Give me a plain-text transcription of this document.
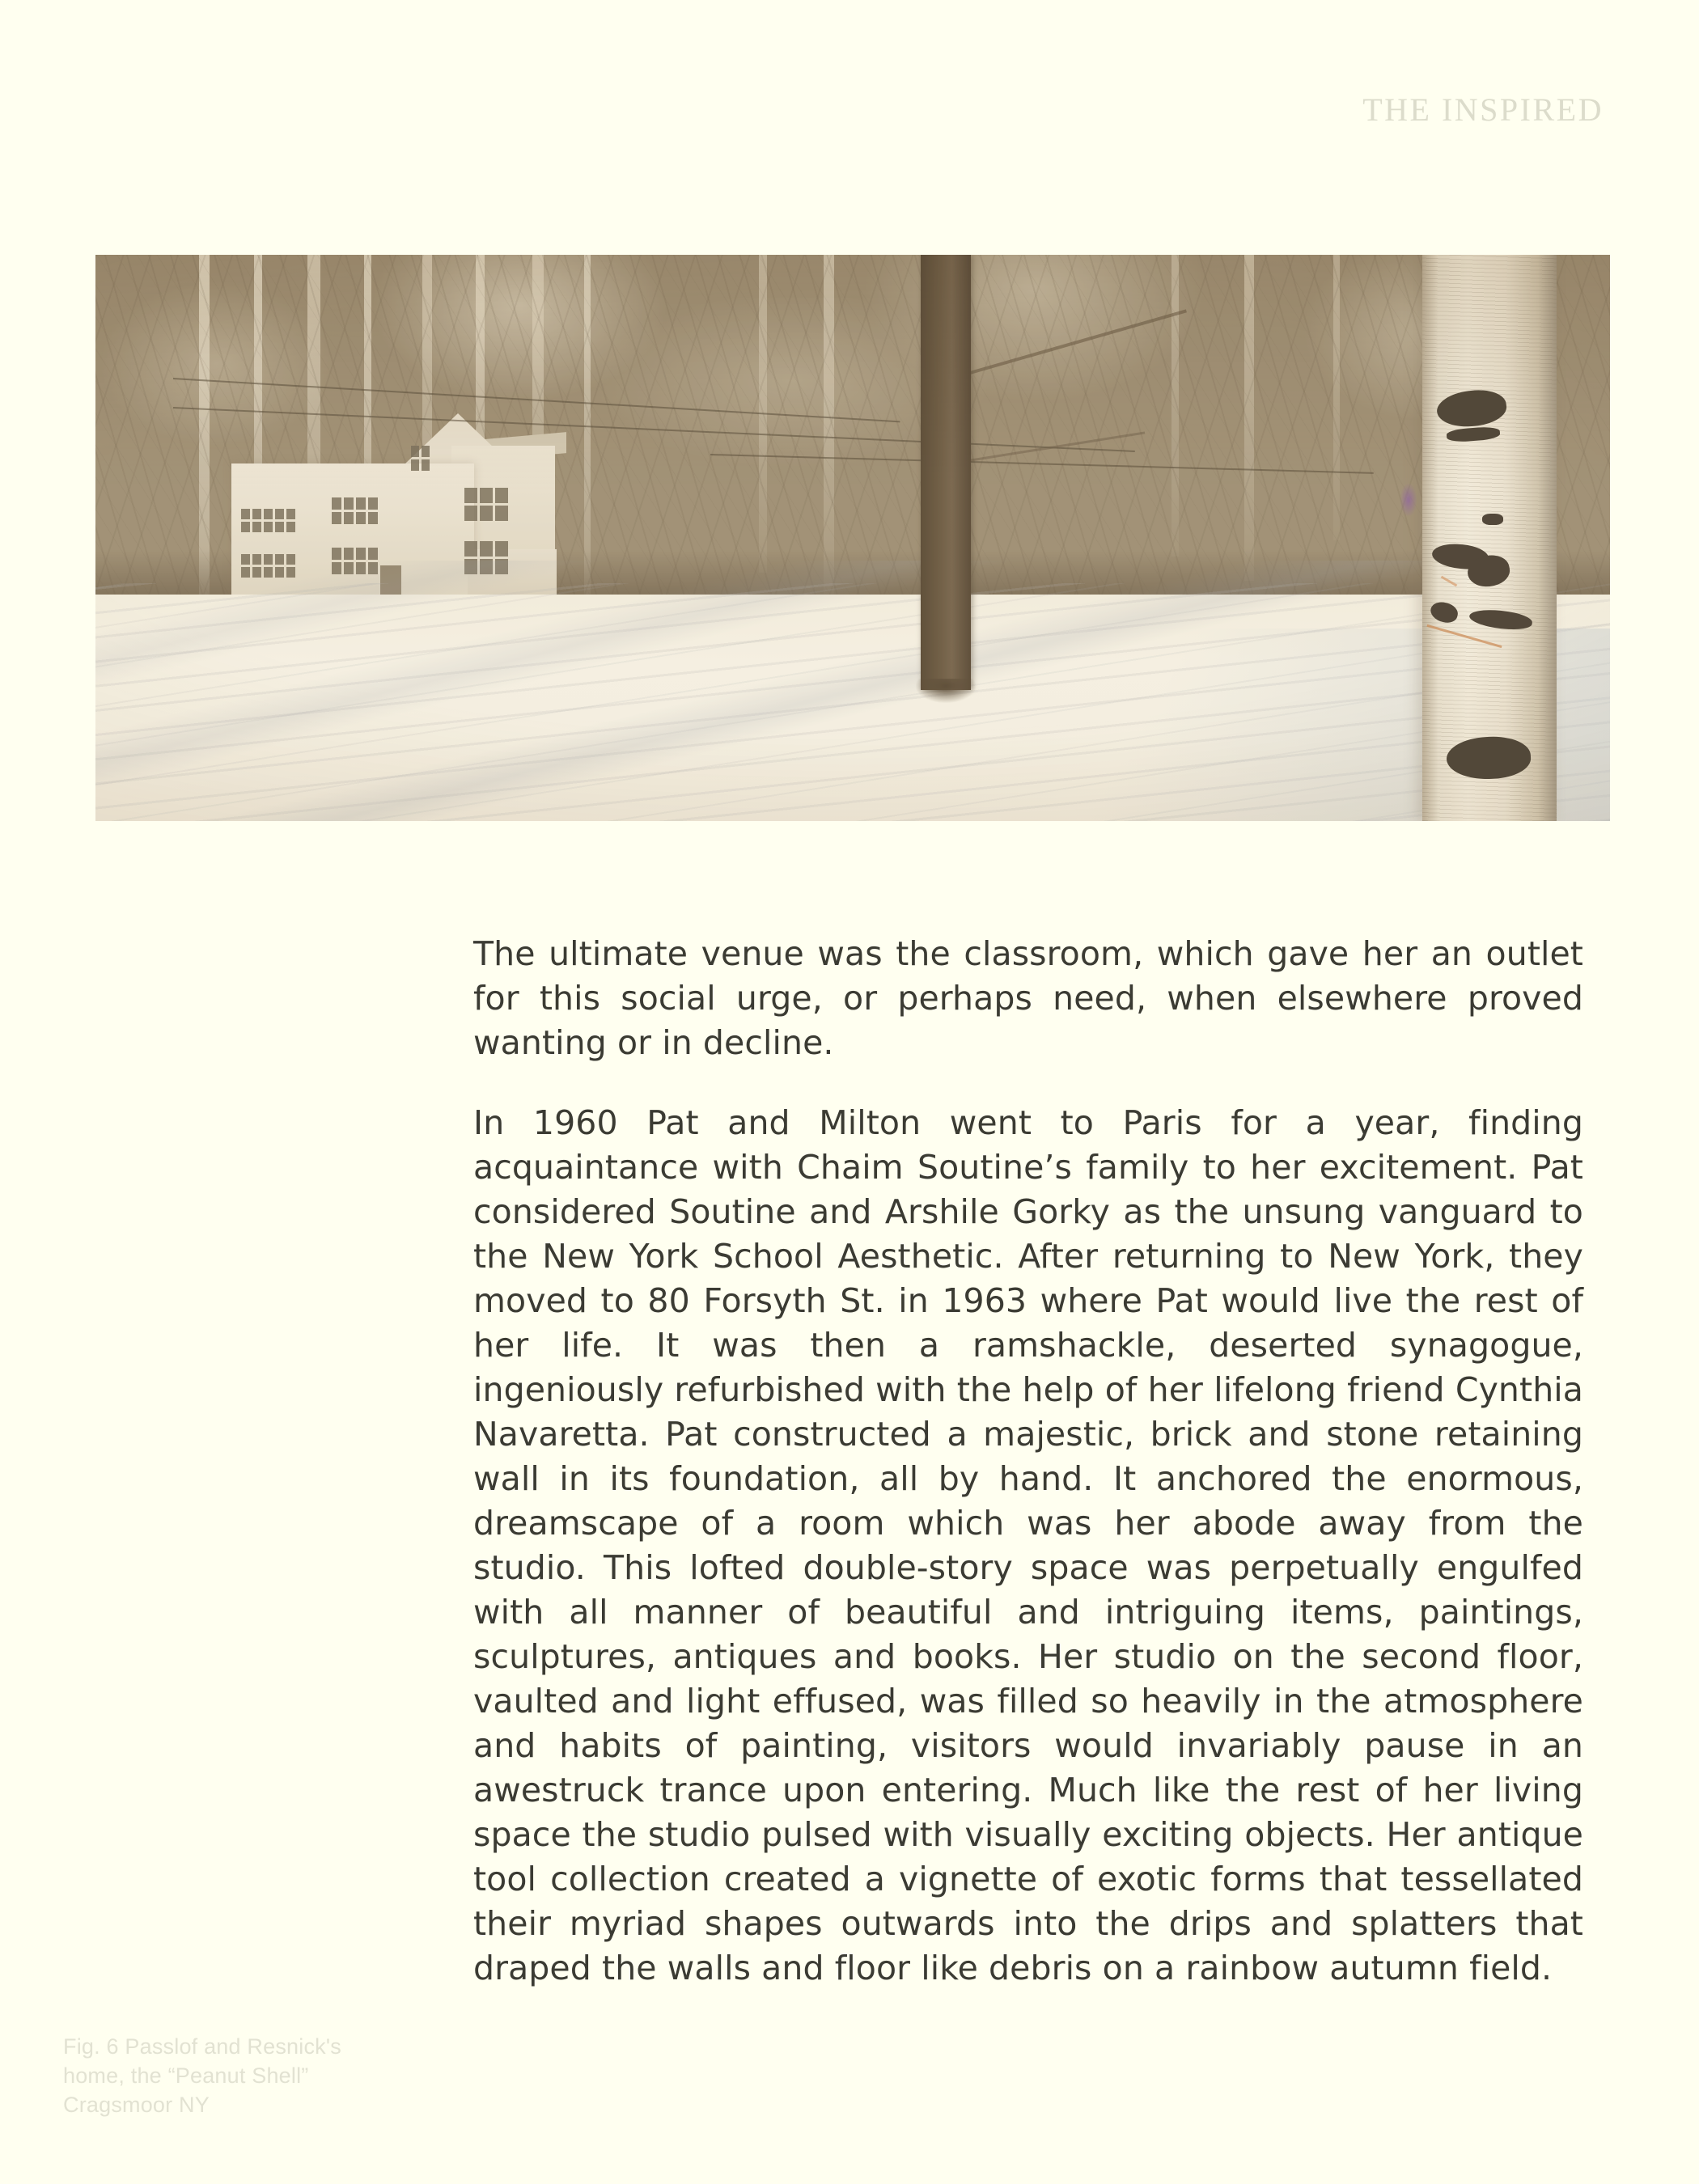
THE INSPIRED

The ultimate venue was the classroom, which gave her an outlet for this social urge, or perhaps need, when elsewhere proved wanting or in decline.

In 1960 Pat and Milton went to Paris for a year, finding acquaintance with Chaim Soutine’s family to her excitement. Pat considered Soutine and Arshile Gorky as the unsung vanguard to the New York School Aesthetic. After returning to New York, they moved to 80 Forsyth St. in 1963 where Pat would live the rest of her life. It was then a ramshackle, deserted synagogue, ingeniously refurbished with the help of her lifelong friend Cynthia Navaretta. Pat constructed a majestic, brick and stone retaining wall in its foundation, all by hand. It anchored the enormous, dreamscape of a room which was her abode away from the studio. This lofted double-story space was perpetually engulfed with all manner of beautiful and intriguing items, paintings, sculptures, antiques and books. Her studio on the second floor, vaulted and light effused, was filled so heavily in the atmosphere and habits of painting, visitors would invariably pause in an awestruck trance upon entering. Much like the rest of her living space the studio pulsed with visually exciting objects. Her antique tool collection created a vignette of exotic forms that tessellated their myriad shapes outwards into the drips and splatters that draped the walls and floor like debris on a rainbow autumn field.

Fig. 6 Passlof and Resnick's
home, the “Peanut Shell”
Cragsmoor NY
